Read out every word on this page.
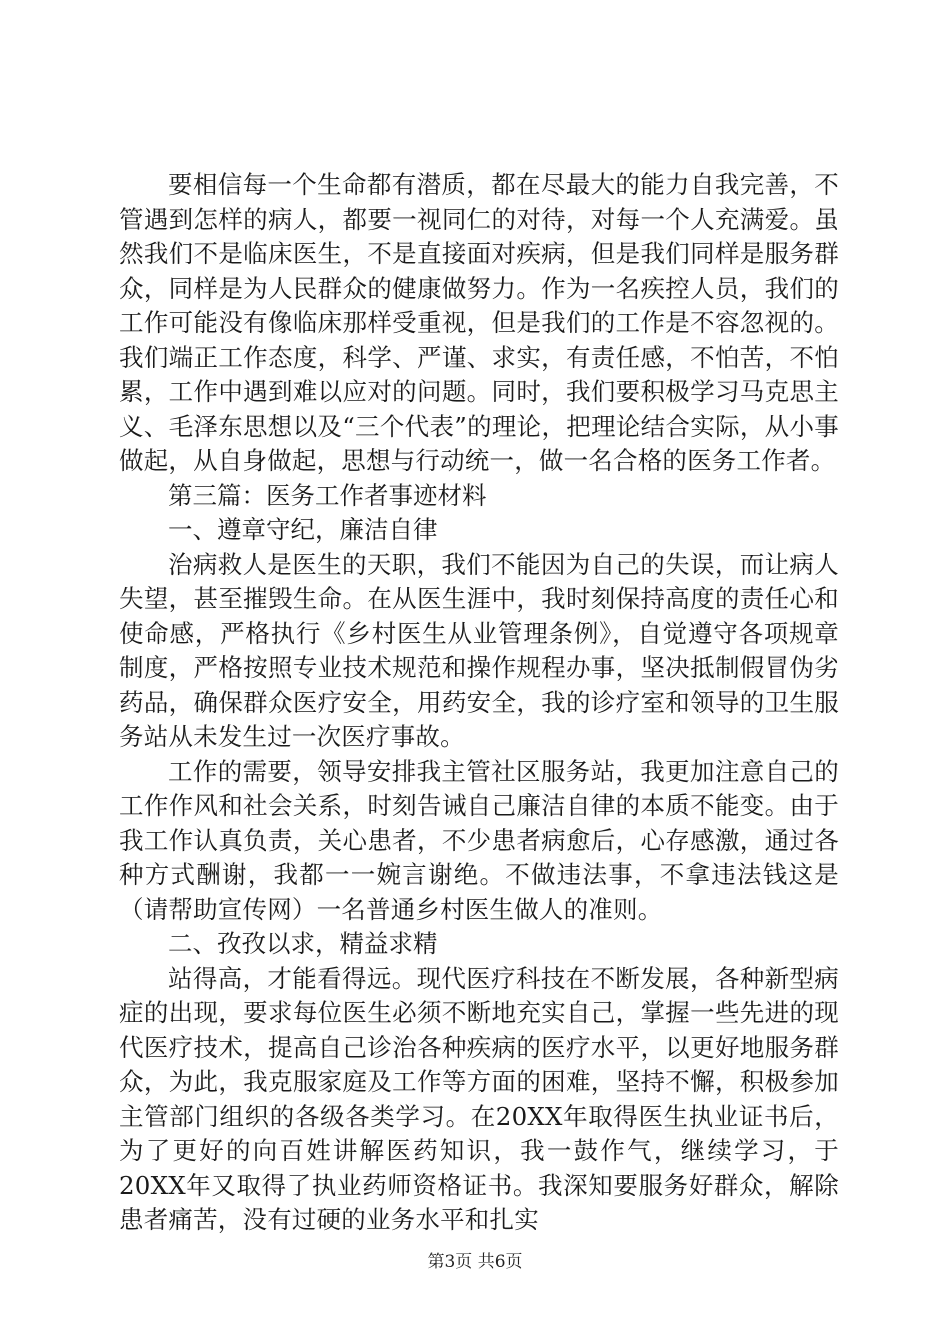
要相信每一个生命都有潜质，都在尽最大的能力自我完善，不管遇到怎样的病人，都要一视同仁的对待，对每一个人充满爱。虽然我们不是临床医生，不是直接面对疾病，但是我们同样是服务群众，同样是为人民群众的健康做努力。作为一名疾控人员，我们的工作可能没有像临床那样受重视，但是我们的工作是不容忽视的。我们端正工作态度，科学、严谨、求实，有责任感，不怕苦，不怕累，工作中遇到难以应对的问题。同时，我们要积极学习马克思主义、毛泽东思想以及“三个代表”的理论，把理论结合实际，从小事做起，从自身做起，思想与行动统一，做一名合格的医务工作者。

第三篇：医务工作者事迹材料

一、遵章守纪，廉洁自律

治病救人是医生的天职，我们不能因为自己的失误，而让病人失望，甚至摧毁生命。在从医生涯中，我时刻保持高度的责任心和使命感，严格执行《乡村医生从业管理条例》，自觉遵守各项规章制度，严格按照专业技术规范和操作规程办事，坚决抵制假冒伪劣药品，确保群众医疗安全，用药安全，我的诊疗室和领导的卫生服务站从未发生过一次医疗事故。

工作的需要，领导安排我主管社区服务站，我更加注意自己的工作作风和社会关系，时刻告诫自己廉洁自律的本质不能变。由于我工作认真负责，关心患者，不少患者病愈后，心存感激，通过各种方式酬谢，我都一一婉言谢绝。不做违法事，不拿违法钱这是（请帮助宣传网）一名普通乡村医生做人的准则。

二、孜孜以求，精益求精

站得高，才能看得远。现代医疗科技在不断发展，各种新型病症的出现，要求每位医生必须不断地充实自己，掌握一些先进的现代医疗技术，提高自己诊治各种疾病的医疗水平，以更好地服务群众，为此，我克服家庭及工作等方面的困难，坚持不懈，积极参加主管部门组织的各级各类学习。在20XX年取得医生执业证书后，为了更好的向百姓讲解医药知识，我一鼓作气，继续学习，于20XX年又取得了执业药师资格证书。我深知要服务好群众，解除患者痛苦，没有过硬的业务水平和扎实

第3页 共6页
